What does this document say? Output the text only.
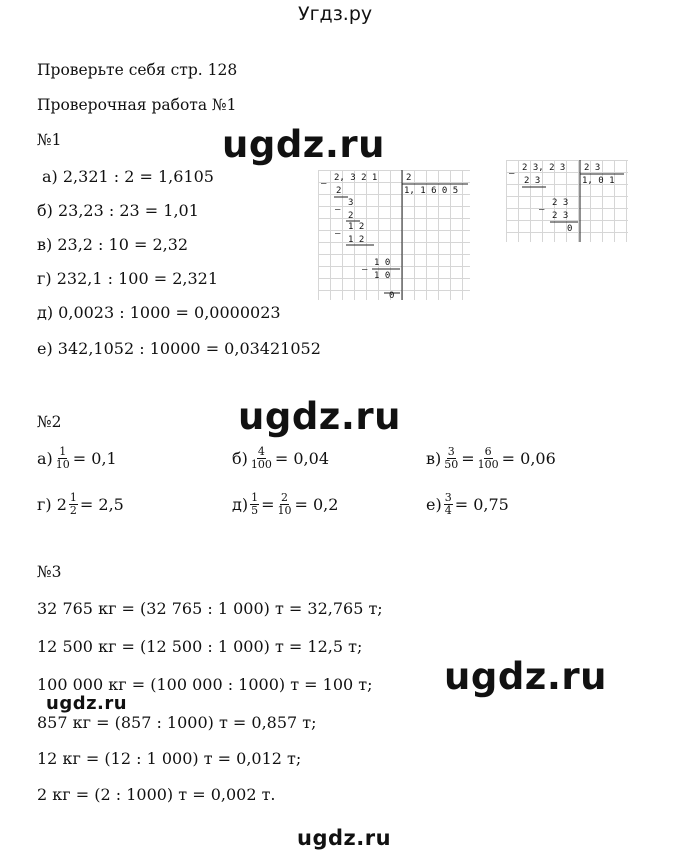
Угдз.ру
Проверьте себя стр. 128
Проверочная работа №1
№1	ugdz.ru
а) 2,321 : 2 = 1,6105
б) 23,23 : 23 = 1,01
в) 23,2 : 10 = 2,32
г) 232,1 : 100 = 2,321
д) 0,0023 : 1000 = 0,0000023
е) 342,1052 : 10000 = 0,03421052
–
2, 3 2 1	2
1, 1 6 0 5
2
–
3
2
–
1 2
1 2
–
1 0
1 0
0
–
2 3, 2 3 2 3
1, 0 1
2 3
–
2 3
2 3
0
№2	ugdz.ru
$а) \frac{1}{10} = 0,1$	$б) \frac{4}{100} = 0,04$	$в) \frac{3}{50} = \frac{6}{100} = 0,06$
г) $2 \frac{1}{2} = 2,5$	$д) \frac{1}{5} = \frac{2}{10} = 0,2$	$е) \frac{3}{4} = 0,75$
№3
32 765 кг = (32 765 : 1 000) т = 32,765 т;
12 500 кг = (12 500 : 1 000) т = 12,5 т;
ugdz.ru
100 000 кг = (100 000 : 1000) т = 100 т;
ugdz.ru
857 кг = (857 : 1000) т = 0,857 т;
12 кг = (12 : 1 000) т = 0,012 т;
2 кг = (2 : 1000) т = 0,002 т.
ugdz.ru
